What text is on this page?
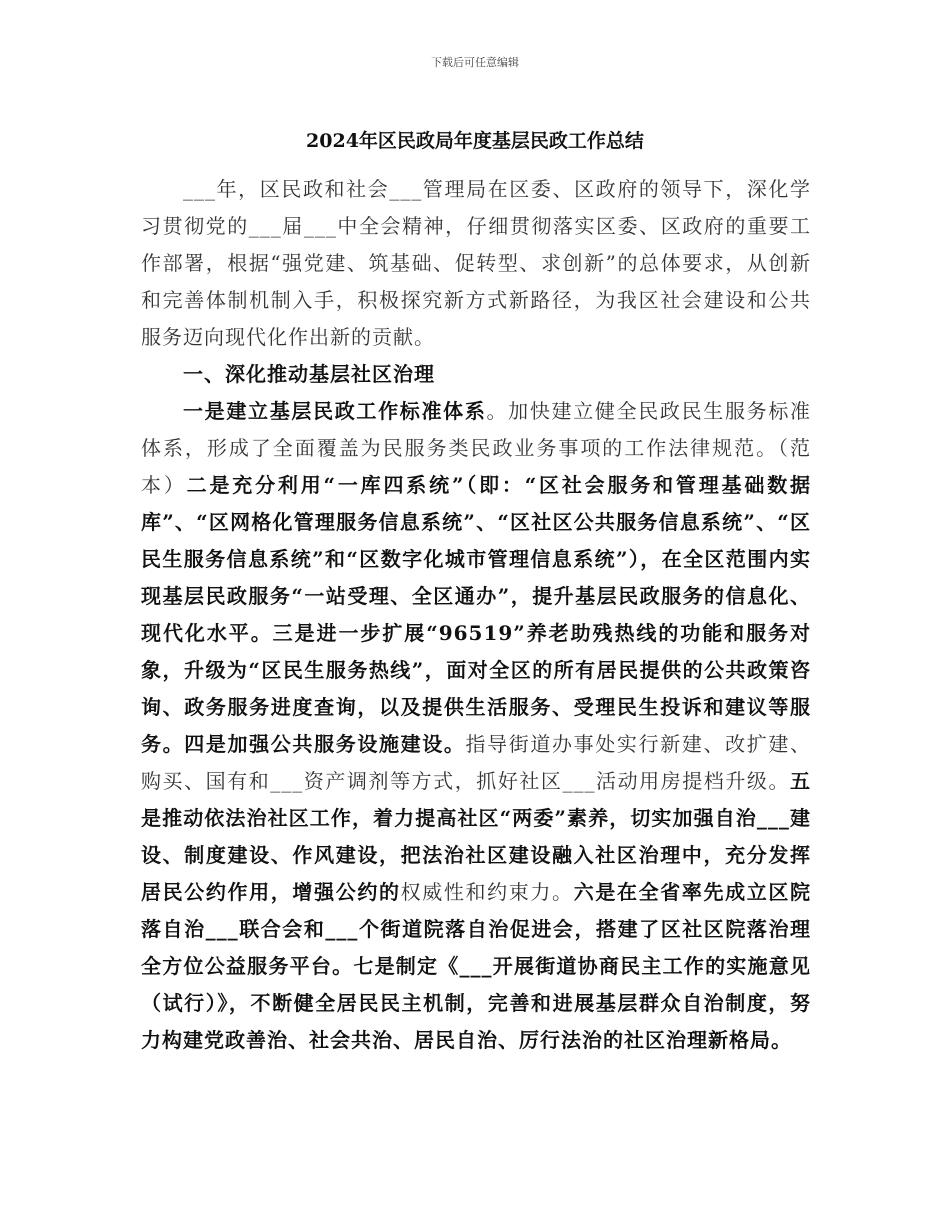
下载后可任意编辑
2024年区民政局年度基层民政工作总结

___年，区民政和社会___管理局在区委、区政府的领导下，深化学习贯彻党的___届___中全会精神，仔细贯彻落实区委、区政府的重要工作部署，根据“强党建、筑基础、促转型、求创新”的总体要求，从创新和完善体制机制入手，积极探究新方式新路径，为我区社会建设和公共服务迈向现代化作出新的贡献。

一、深化推动基层社区治理

一是建立基层民政工作标准体系。加快建立健全民政民生服务标准体系，形成了全面覆盖为民服务类民政业务事项的工作法律规范。（范本）二是充分利用“一库四系统”（即：“区社会服务和管理基础数据库”、“区网格化管理服务信息系统”、“区社区公共服务信息系统”、“区民生服务信息系统”和“区数字化城市管理信息系统”），在全区范围内实现基层民政服务“一站受理、全区通办”，提升基层民政服务的信息化、现代化水平。三是进一步扩展“96519”养老助残热线的功能和服务对象，升级为“区民生服务热线”，面对全区的所有居民提供的公共政策咨询、政务服务进度查询，以及提供生活服务、受理民生投诉和建议等服务。四是加强公共服务设施建设。指导街道办事处实行新建、改扩建、购买、国有和___资产调剂等方式，抓好社区___活动用房提档升级。五是推动依法治社区工作，着力提高社区“两委”素养，切实加强自治___建设、制度建设、作风建设，把法治社区建设融入社区治理中，充分发挥居民公约作用，增强公约的权威性和约束力。六是在全省率先成立区院落自治___联合会和___个街道院落自治促进会，搭建了区社区院落治理全方位公益服务平台。七是制定《___开展街道协商民主工作的实施意见（试行）》，不断健全居民民主机制，完善和进展基层群众自治制度，努力构建党政善治、社会共治、居民自治、厉行法治的社区治理新格局。
